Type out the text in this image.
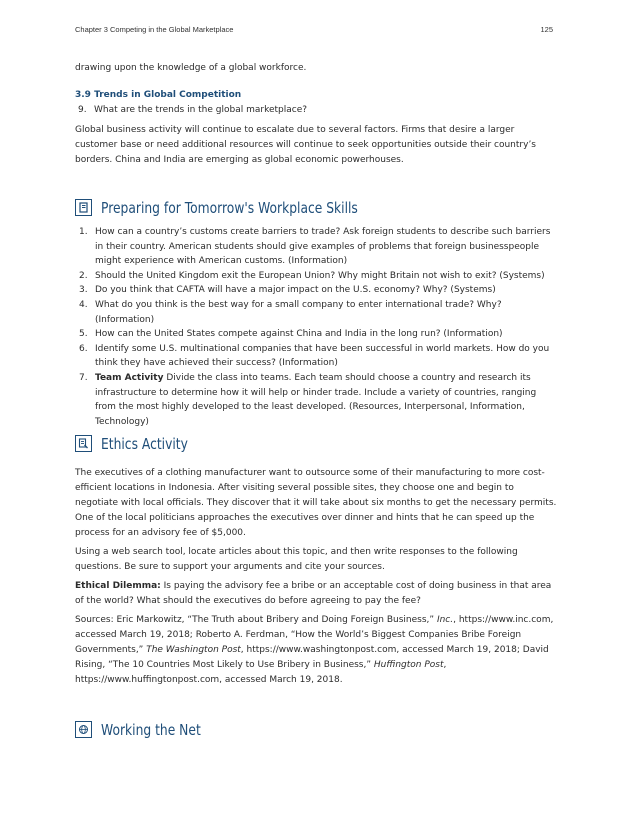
Chapter 3 Competing in the Global Marketplace	125

drawing upon the knowledge of a global workforce.

3.9 Trends in Global Competition
9. What are the trends in the global marketplace?

Global business activity will continue to escalate due to several factors. Firms that desire a larger customer base or need additional resources will continue to seek opportunities outside their country’s borders. China and India are emerging as global economic powerhouses.

Preparing for Tomorrow's Workplace Skills
1. How can a country’s customs create barriers to trade? Ask foreign students to describe such barriers in their country. American students should give examples of problems that foreign businesspeople might experience with American customs. (Information)
2. Should the United Kingdom exit the European Union? Why might Britain not wish to exit? (Systems)
3. Do you think that CAFTA will have a major impact on the U.S. economy? Why? (Systems)
4. What do you think is the best way for a small company to enter international trade? Why? (Information)
5. How can the United States compete against China and India in the long run? (Information)
6. Identify some U.S. multinational companies that have been successful in world markets. How do you think they have achieved their success? (Information)
7. Team Activity Divide the class into teams. Each team should choose a country and research its infrastructure to determine how it will help or hinder trade. Include a variety of countries, ranging from the most highly developed to the least developed. (Resources, Interpersonal, Information, Technology)
Ethics Activity

The executives of a clothing manufacturer want to outsource some of their manufacturing to more cost-efficient locations in Indonesia. After visiting several possible sites, they choose one and begin to negotiate with local officials. They discover that it will take about six months to get the necessary permits. One of the local politicians approaches the executives over dinner and hints that he can speed up the process for an advisory fee of $5,000.

Using a web search tool, locate articles about this topic, and then write responses to the following questions. Be sure to support your arguments and cite your sources.

Ethical Dilemma: Is paying the advisory fee a bribe or an acceptable cost of doing business in that area of the world? What should the executives do before agreeing to pay the fee?

Sources: Eric Markowitz, “The Truth about Bribery and Doing Foreign Business,” Inc., https://www.inc.com, accessed March 19, 2018; Roberto A. Ferdman, “How the World’s Biggest Companies Bribe Foreign Governments,” The Washington Post, https://www.washingtonpost.com, accessed March 19, 2018; David Rising, “The 10 Countries Most Likely to Use Bribery in Business,” Huffington Post, https://www.huffingtonpost.com, accessed March 19, 2018.

Working the Net
